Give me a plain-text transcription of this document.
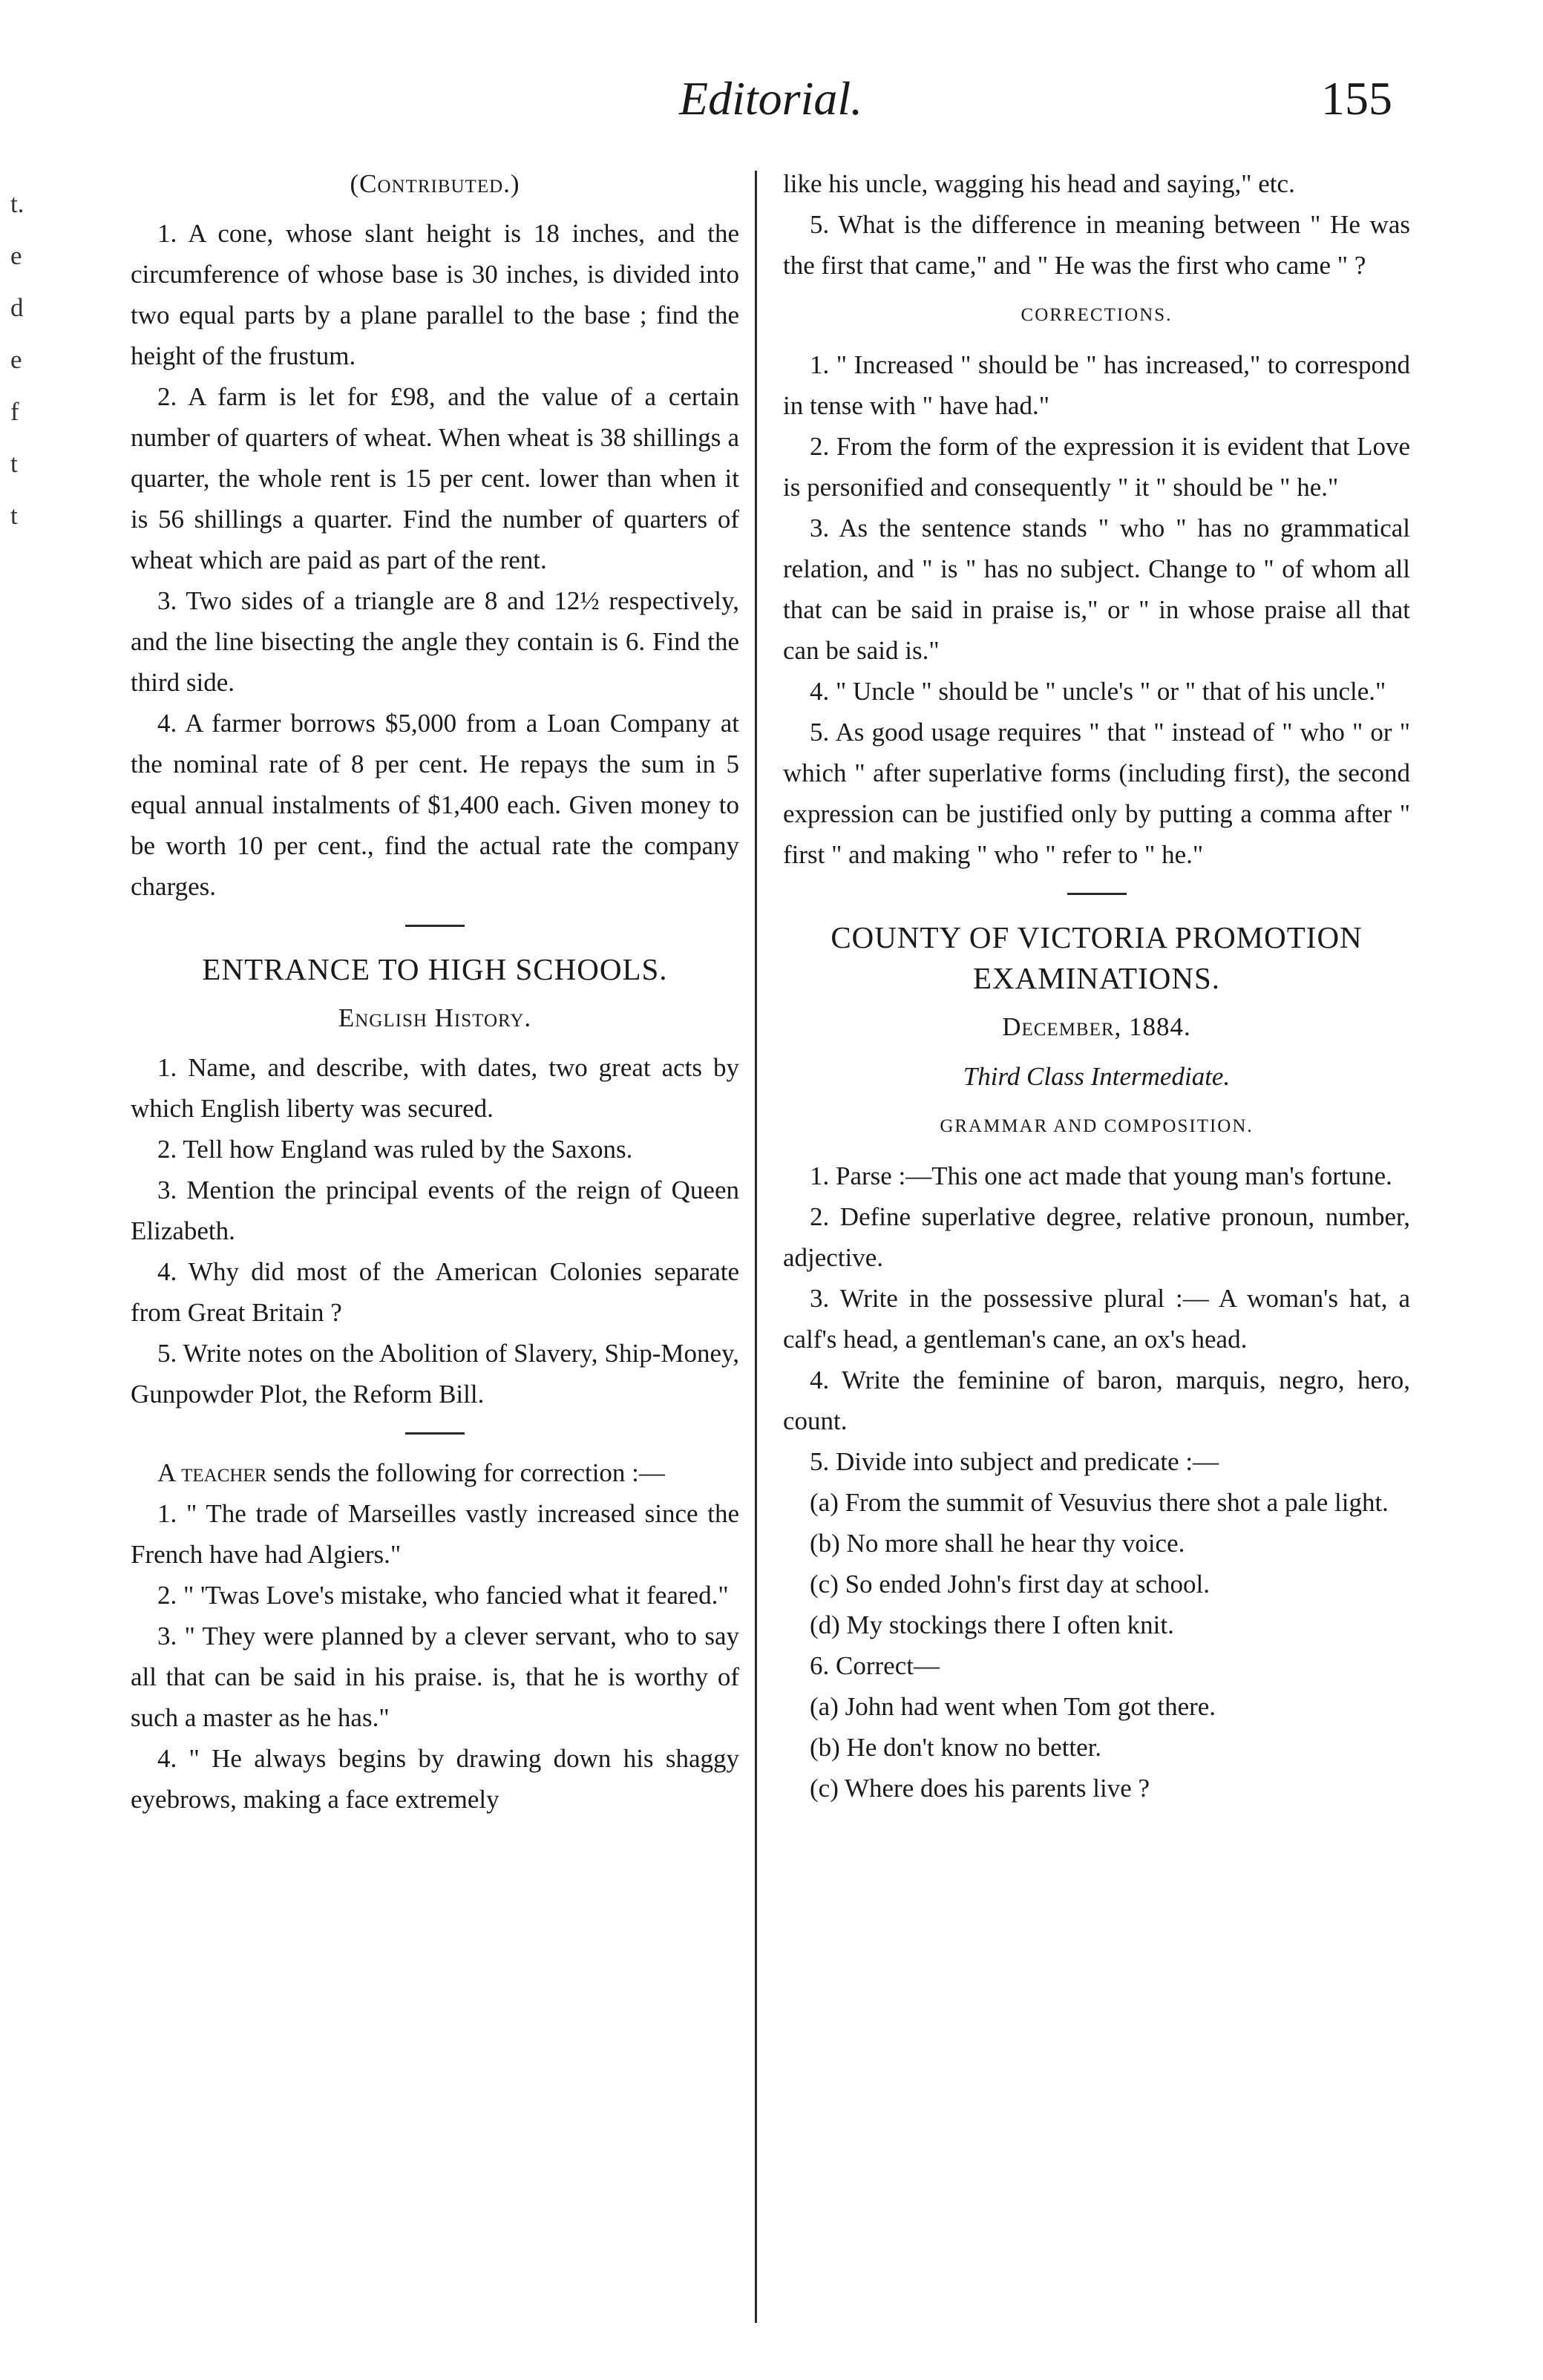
Editorial.	155
t.
e
d
e
f
t
t

(Contributed.)

1. A cone, whose slant height is 18 inches, and the circumference of whose base is 30 inches, is divided into two equal parts by a plane parallel to the base ; find the height of the frustum.

2. A farm is let for £98, and the value of a certain number of quarters of wheat. When wheat is 38 shillings a quarter, the whole rent is 15 per cent. lower than when it is 56 shillings a quarter. Find the number of quarters of wheat which are paid as part of the rent.

3. Two sides of a triangle are 8 and 12½ respectively, and the line bisecting the angle they contain is 6. Find the third side.

4. A farmer borrows $5,000 from a Loan Company at the nominal rate of 8 per cent. He repays the sum in 5 equal annual instalments of $1,400 each. Given money to be worth 10 per cent., find the actual rate the company charges.

ENTRANCE TO HIGH SCHOOLS.

English History.

1. Name, and describe, with dates, two great acts by which English liberty was secured.

2. Tell how England was ruled by the Saxons.

3. Mention the principal events of the reign of Queen Elizabeth.

4. Why did most of the American Colonies separate from Great Britain ?

5. Write notes on the Abolition of Slavery, Ship-Money, Gunpowder Plot, the Reform Bill.

A teacher sends the following for correction :—

1. " The trade of Marseilles vastly increased since the French have had Algiers."

2. " 'Twas Love's mistake, who fancied what it feared."

3. " They were planned by a clever servant, who to say all that can be said in his praise. is, that he is worthy of such a master as he has."

4. " He always begins by drawing down his shaggy eyebrows, making a face extremely

like his uncle, wagging his head and saying," etc.

5. What is the difference in meaning between " He was the first that came," and " He was the first who came " ?

CORRECTIONS.

1. " Increased " should be " has increased," to correspond in tense with " have had."

2. From the form of the expression it is evident that Love is personified and consequently " it " should be " he."

3. As the sentence stands " who " has no grammatical relation, and " is " has no subject. Change to " of whom all that can be said in praise is," or " in whose praise all that can be said is."

4. " Uncle " should be " uncle's " or " that of his uncle."

5. As good usage requires " that " instead of " who " or " which " after superlative forms (including first), the second expression can be justified only by putting a comma after " first " and making " who " refer to " he."

COUNTY OF VICTORIA PROMOTION EXAMINATIONS.

December, 1884.

Third Class Intermediate.

GRAMMAR AND COMPOSITION.

1. Parse :—This one act made that young man's fortune.

2. Define superlative degree, relative pronoun, number, adjective.

3. Write in the possessive plural :— A woman's hat, a calf's head, a gentleman's cane, an ox's head.

4. Write the feminine of baron, marquis, negro, hero, count.

5. Divide into subject and predicate :—

(a) From the summit of Vesuvius there shot a pale light.

(b) No more shall he hear thy voice.

(c) So ended John's first day at school.

(d) My stockings there I often knit.

6. Correct—

(a) John had went when Tom got there.

(b) He don't know no better.

(c) Where does his parents live ?
